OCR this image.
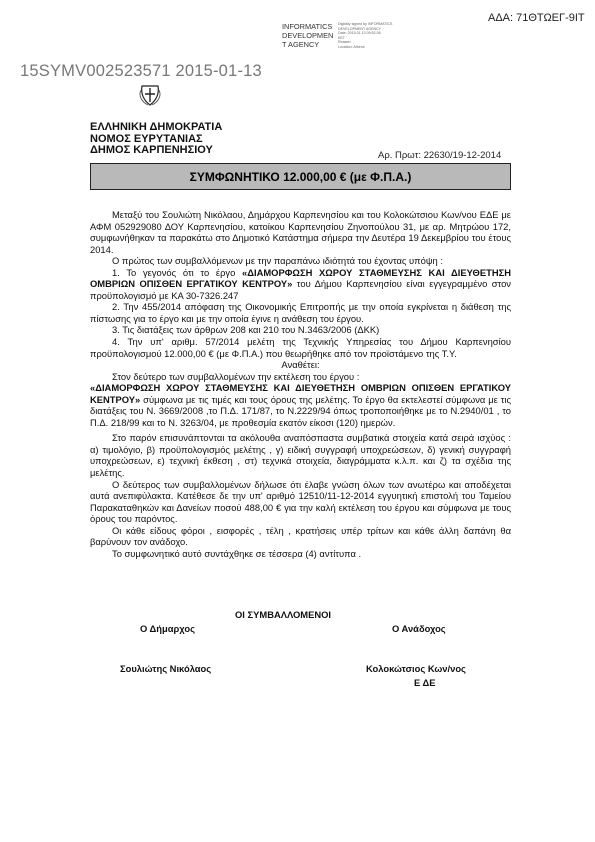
ΑΔΑ: 71ΘΤΩΕΓ-9ΙΤ
INFORMATICS
DEVELOPMEN
T AGENCY
Digitally signed by INFORMATICS
DEVELOPMENT AGENCY
Date: 2015.01.13 09:52:36
EET
Reason:
Location: Athens
15SYMV002523571 2015-01-13
ΕΛΛΗΝΙΚΗ ΔΗΜΟΚΡΑΤΙΑ
ΝΟΜΟΣ ΕΥΡΥΤΑΝΙΑΣ
ΔΗΜΟΣ ΚΑΡΠΕΝΗΣΙΟΥ	Αρ. Πρωτ: 22630/19-12-2014
ΣΥΜΦΩΝΗΤΙΚΟ 12.000,00 € (με Φ.Π.Α.)

Μεταξύ του Σουλιώτη Νικόλαου, Δημάρχου Καρπενησίου και του Κολοκώτσιου Κων/νου ΕΔΕ με ΑΦΜ 052929080 ΔΟΥ Καρπενησίου, κατοίκου Καρπενησίου Ζηνοπούλου 31, με αρ. Μητρώου 172, συμφωνήθηκαν τα παρακάτω στο Δημοτικό Κατάστημα σήμερα την Δευτέρα 19 Δεκεμβρίου του έτους 2014.

Ο πρώτος των συμβαλλόμενων με την παραπάνω ιδιότητά του έχοντας υπόψη :

1. Το γεγονός ότι το έργο «ΔΙΑΜΟΡΦΩΣΗ ΧΩΡΟΥ ΣΤΑΘΜΕΥΣΗΣ ΚΑΙ ΔΙΕΥΘΕΤΗΣΗ ΟΜΒΡΙΩΝ ΟΠΙΣΘΕΝ ΕΡΓΑΤΙΚΟΥ ΚΕΝΤΡΟΥ» του Δήμου Καρπενησίου είναι εγγεγραμμένο στον προϋπολογισμό με ΚΑ 30-7326.247

2. Την 455/2014 απόφαση της Οικονομικής Επιτροπής με την οποία εγκρίνεται η διάθεση της πίστωσης για το έργο και με την οποία έγινε η ανάθεση του έργου.

3. Τις διατάξεις των άρθρων 208 και 210 του Ν.3463/2006 (ΔΚΚ)

4. Την υπ' αριθμ. 57/2014 μελέτη της Τεχνικής Υπηρεσίας του Δήμου Καρπενησίου προϋπολογισμού 12.000,00 € (με Φ.Π.Α.) που θεωρήθηκε από τον προϊστάμενο της Τ.Υ.

Αναθέτει:

Στον δεύτερο των συμβαλλομένων την εκτέλεση του έργου :

«ΔΙΑΜΟΡΦΩΣΗ ΧΩΡΟΥ ΣΤΑΘΜΕΥΣΗΣ ΚΑΙ ΔΙΕΥΘΕΤΗΣΗ ΟΜΒΡΙΩΝ ΟΠΙΣΘΕΝ ΕΡΓΑΤΙΚΟΥ ΚΕΝΤΡΟΥ» σύμφωνα με τις τιμές και τους όρους της μελέτης. Το έργο θα εκτελεστεί σύμφωνα με τις διατάξεις του Ν. 3669/2008 ,το Π.Δ. 171/87, το Ν.2229/94 όπως τροποποιήθηκε με το Ν.2940/01 , το Π.Δ. 218/99 και το Ν. 3263/04, με προθεσμία εκατόν είκοσι (120) ημερών.

Στο παρόν επισυνάπτονται τα ακόλουθα αναπόσπαστα συμβατικά στοιχεία κατά σειρά ισχύος : α) τιμολόγιο, β) προϋπολογισμός μελέτης , γ) ειδική συγγραφή υποχρεώσεων, δ) γενική συγγραφή υποχρεώσεων, ε) τεχνική έκθεση , στ) τεχνικά στοιχεία, διαγράμματα κ.λ.π. και ζ) τα σχέδια της μελέτης.

Ο δεύτερος των συμβαλλομένων δήλωσε ότι έλαβε γνώση όλων των ανωτέρω και αποδέχεται αυτά ανεπιφύλακτα. Κατέθεσε δε την υπ' αριθμό 12510/11-12-2014 εγγυητική επιστολή του Ταμείου Παρακαταθηκών και Δανείων ποσού 488,00 € για την καλή εκτέλεση του έργου και σύμφωνα με τους όρους του παρόντος.

Οι κάθε είδους φόροι , εισφορές , τέλη , κρατήσεις υπέρ τρίτων και κάθε άλλη δαπάνη θα βαρύνουν τον ανάδοχο.

Το συμφωνητικό αυτό συντάχθηκε σε τέσσερα (4) αντίτυπα .

ΟΙ ΣΥΜΒΑΛΛΟΜΕΝΟΙ
Ο Δήμαρχος	Ο Ανάδοχος
Σουλιώτης Νικόλαος	Κολοκώτσιος Κων/νος
Ε ΔΕ
